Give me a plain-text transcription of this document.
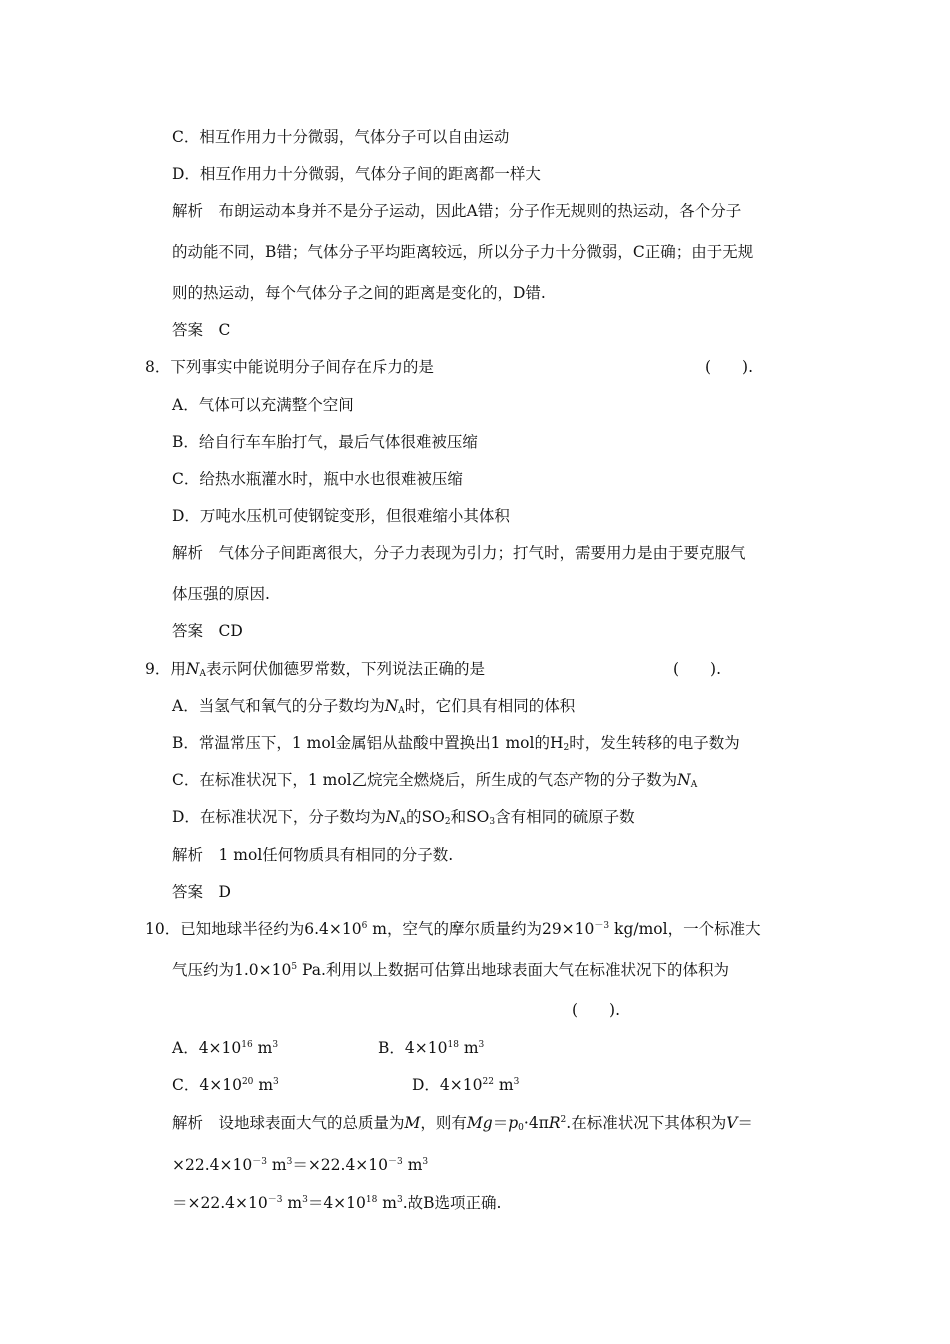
C．相互作用力十分微弱，气体分子可以自由运动
D．相互作用力十分微弱，气体分子间的距离都一样大
解析　布朗运动本身并不是分子运动，因此A错；分子作无规则的热运动，各个分子
的动能不同，B错；气体分子平均距离较远，所以分子力十分微弱，C正确；由于无规
则的热运动，每个气体分子之间的距离是变化的，D错.
答案　C
8．下列事实中能说明分子间存在斥力的是	(　　).
A．气体可以充满整个空间
B．给自行车车胎打气，最后气体很难被压缩
C．给热水瓶灌水时，瓶中水也很难被压缩
D．万吨水压机可使钢锭变形，但很难缩小其体积
解析　气体分子间距离很大，分子力表现为引力；打气时，需要用力是由于要克服气
体压强的原因.
答案　CD
9．用$N_A$表示阿伏伽德罗常数，下列说法正确的是	(　　).
A．当氢气和氧气的分子数均为$N_A$时，它们具有相同的体积
B．常温常压下，1 mol金属铝从盐酸中置换出1 mol的$H_2$时，发生转移的电子数为
C．在标准状况下，1 mol乙烷完全燃烧后，所生成的气态产物的分子数为$N_A$
D．在标准状况下，分子数均为$N_A$的$SO_2$和$SO_3$含有相同的硫原子数
解析　1 mol任何物质具有相同的分子数.
答案　D
10．已知地球半径约为$6.4\times 10^6$ m，空气的摩尔质量约为$29\times 10^{-3}$ kg/mol，一个标准大
气压约为$1.0\times 10^5$ Pa.利用以上数据可估算出地球表面大气在标准状况下的体积为
(　　).
A．$4\times 10^{16}$ $m^3$	B．$4\times 10^{18}$ $m^3$
C．$4\times 10^{20}$ $m^3$	D．$4\times 10^{22}$ $m^3$
解析　设地球表面大气的总质量为M，则有$Mg=p_0\cdot 4\pi R^2$.在标准状况下其体积为V＝
$\times 22.4\times 10^{-3}$ $m^3=\times 22.4\times 10^{-3}$ $m^3$
$=\times 22.4\times 10^{-3}$ $m^3=4\times 10^{18}$ $m^3$.故B选项正确.
